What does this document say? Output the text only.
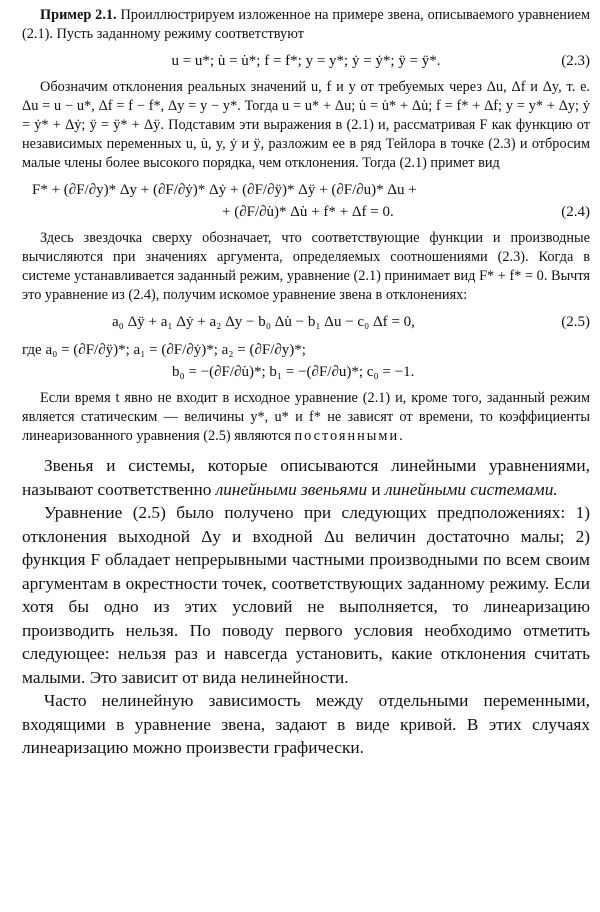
Пример 2.1. Проиллюстрируем изложенное на примере звена, описываемого уравнением (2.1). Пусть заданному режиму соответствуют

u = u*; u̇ = u̇*; f = f*; y = y*; ẏ = ẏ*; ÿ = ÿ*.	(2.3)

Обозначим отклонения реальных значений u, f и y от требуемых через Δu, Δf и Δy, т. е. Δu = u − u*, Δf = f − f*, Δy = y − y*. Тогда u = u* + Δu; u̇ = u̇* + Δu̇; f = f* + Δf; y = y* + Δy; ẏ = ẏ* + Δẏ; ÿ = ÿ* + Δÿ. Подставим эти выражения в (2.1) и, рассматривая F как функцию от независимых переменных u, u̇, y, ẏ и ÿ, разложим ее в ряд Тейлора в точке (2.3) и отбросим малые члены более высокого порядка, чем отклонения. Тогда (2.1) примет вид

F* + (∂F/∂y)* Δy + (∂F/∂ẏ)* Δẏ + (∂F/∂ÿ)* Δÿ + (∂F/∂u)* Δu +
+ (∂F/∂u̇)* Δu̇ + f* + Δf = 0.	(2.4)

Здесь звездочка сверху обозначает, что соответствующие функции и производные вычисляются при значениях аргумента, определяемых соотношениями (2.3). Когда в системе устанавливается заданный режим, уравнение (2.1) принимает вид F* + f* = 0. Вычтя это уравнение из (2.4), получим искомое уравнение звена в отклонениях:

a₀ Δÿ + a₁ Δẏ + a₂ Δy − b₀ Δu̇ − b₁ Δu − c₀ Δf = 0,	(2.5)
где a₀ = (∂F/∂ÿ)*; a₁ = (∂F/∂ẏ)*; a₂ = (∂F/∂y)*;
b₀ = −(∂F/∂u̇)*; b₁ = −(∂F/∂u)*; c₀ = −1.

Если время t явно не входит в исходное уравнение (2.1) и, кроме того, заданный режим является статическим — величины y*, u* и f* не зависят от времени, то коэффициенты линеаризованного уравнения (2.5) являются постоянными.

Звенья и системы, которые описываются линейными уравнениями, называют соответственно линейными звеньями и линейными системами.

Уравнение (2.5) было получено при следующих предположениях: 1) отклонения выходной Δy и входной Δu величин достаточно малы; 2) функция F обладает непрерывными частными производными по всем своим аргументам в окрестности точек, соответствующих заданному режиму. Если хотя бы одно из этих условий не выполняется, то линеаризацию производить нельзя. По поводу первого условия необходимо отметить следующее: нельзя раз и навсегда установить, какие отклонения считать малыми. Это зависит от вида нелинейности.

Часто нелинейную зависимость между отдельными переменными, входящими в уравнение звена, задают в виде кривой. В этих случаях линеаризацию можно произвести графически.
